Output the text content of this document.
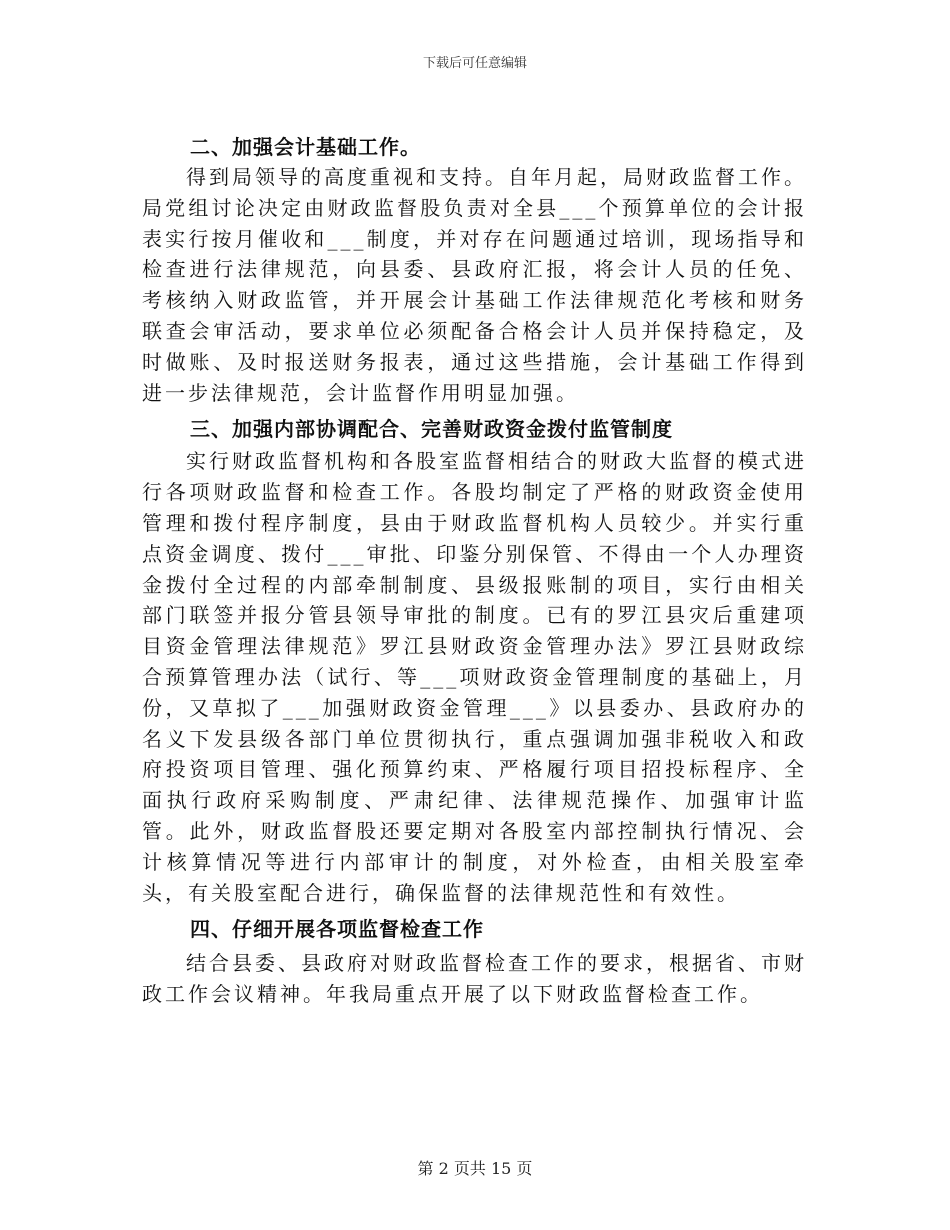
下载后可任意编辑
二、加强会计基础工作。

得到局领导的高度重视和支持。自年月起，局财政监督工作。局党组讨论决定由财政监督股负责对全县___个预算单位的会计报表实行按月催收和___制度，并对存在问题通过培训，现场指导和检查进行法律规范，向县委、县政府汇报，将会计人员的任免、考核纳入财政监管，并开展会计基础工作法律规范化考核和财务联查会审活动，要求单位必须配备合格会计人员并保持稳定，及时做账、及时报送财务报表，通过这些措施，会计基础工作得到进一步法律规范，会计监督作用明显加强。

三、加强内部协调配合、完善财政资金拨付监管制度

实行财政监督机构和各股室监督相结合的财政大监督的模式进行各项财政监督和检查工作。各股均制定了严格的财政资金使用管理和拨付程序制度，县由于财政监督机构人员较少。并实行重点资金调度、拨付___审批、印鉴分别保管、不得由一个人办理资金拨付全过程的内部牵制制度、县级报账制的项目，实行由相关部门联签并报分管县领导审批的制度。已有的罗江县灾后重建项目资金管理法律规范》罗江县财政资金管理办法》罗江县财政综合预算管理办法（试行、等___项财政资金管理制度的基础上，月份，又草拟了___加强财政资金管理___》以县委办、县政府办的名义下发县级各部门单位贯彻执行，重点强调加强非税收入和政府投资项目管理、强化预算约束、严格履行项目招投标程序、全面执行政府采购制度、严肃纪律、法律规范操作、加强审计监管。此外，财政监督股还要定期对各股室内部控制执行情况、会计核算情况等进行内部审计的制度，对外检查，由相关股室牵头，有关股室配合进行，确保监督的法律规范性和有效性。

四、仔细开展各项监督检查工作

结合县委、县政府对财政监督检查工作的要求，根据省、市财政工作会议精神。年我局重点开展了以下财政监督检查工作。

第 2 页共 15 页
